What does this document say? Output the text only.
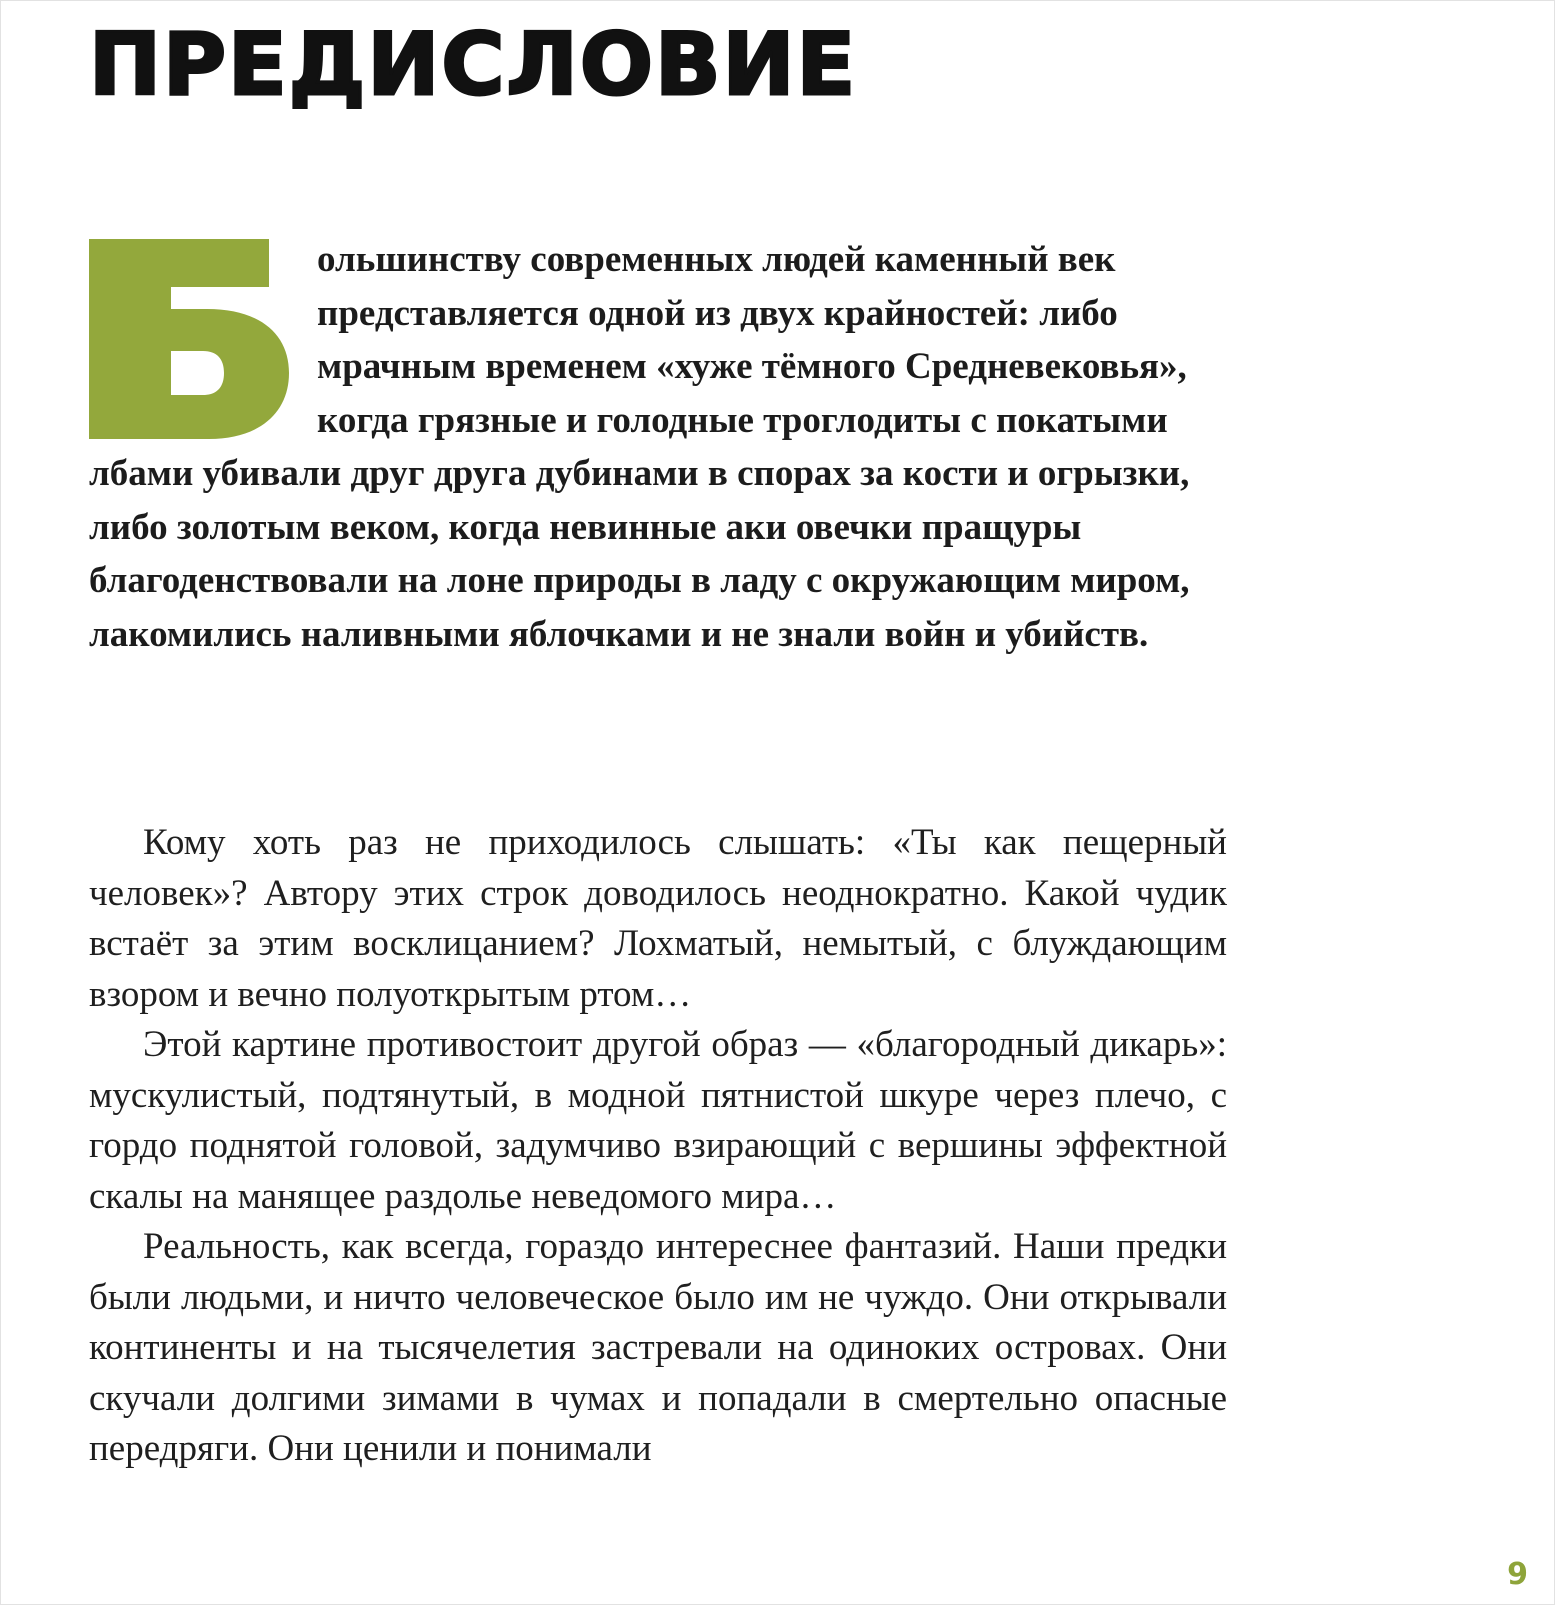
ПРЕДИСЛОВИЕ

ольшинству современных людей каменный век представляется одной из двух крайностей: либо мрачным временем «хуже тёмного Средневековья», когда грязные и голодные троглодиты с покатыми лбами убивали друг друга дубинами в спорах за кости и огрызки, либо золотым веком, когда невинные аки овечки пращуры благоденствовали на лоне природы в ладу с окружающим миром, лакомились наливными яблочками и не знали войн и убийств.

Кому хоть раз не приходилось слышать: «Ты как пещерный человек»? Автору этих строк доводилось неоднократно. Какой чудик встаёт за этим восклицанием? Лохматый, немытый, с блуждающим взором и вечно полуоткрытым ртом…

Этой картине противостоит другой образ — «благородный дикарь»: мускулистый, подтянутый, в модной пятнистой шкуре через плечо, с гордо поднятой головой, задумчиво взирающий с вершины эффектной скалы на манящее раздолье неведомого мира…

Реальность, как всегда, гораздо интереснее фантазий. Наши предки были людьми, и ничто человеческое было им не чуждо. Они открывали континенты и на тысячелетия застревали на одиноких островах. Они скучали долгими зимами в чумах и попадали в смертельно опасные передряги. Они ценили и понимали

9
